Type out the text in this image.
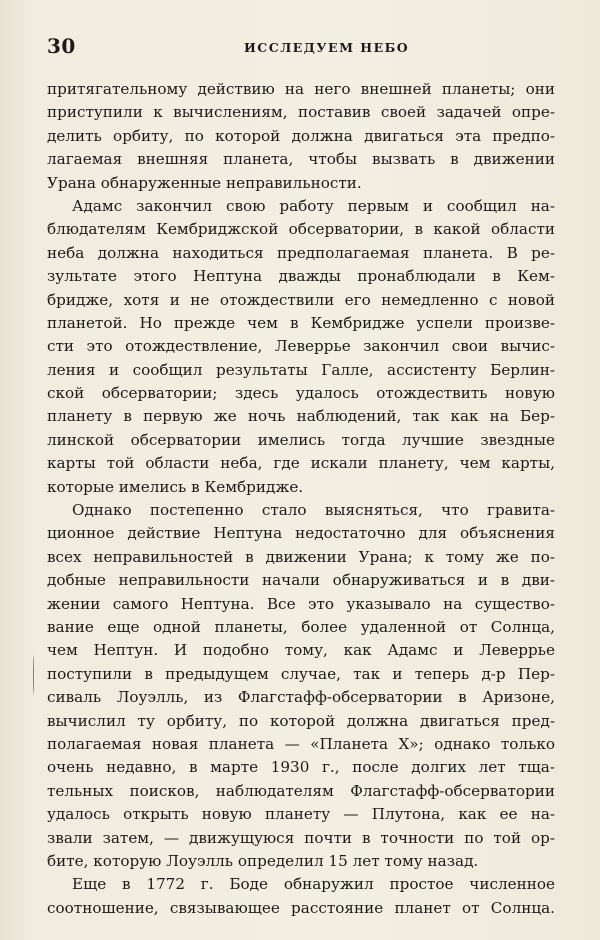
30	ИССЛЕДУЕМ НЕБО
притягательному действию на него внешней планеты; они
приступили к вычислениям, поставив своей задачей опре-
делить орбиту, по которой должна двигаться эта предпо-
лагаемая внешняя планета, чтобы вызвать в движении
Урана обнаруженные неправильности.
Адамс закончил свою работу первым и сообщил на-
блюдателям Кембриджской обсерватории, в какой области
неба должна находиться предполагаемая планета. В ре-
зультате этого Нептуна дважды пронаблюдали в Кем-
бридже, хотя и не отождествили его немедленно с новой
планетой. Но прежде чем в Кембридже успели произве-
сти это отождествление, Леверрье закончил свои вычис-
ления и сообщил результаты Галле, ассистенту Берлин-
ской обсерватории; здесь удалось отождествить новую
планету в первую же ночь наблюдений, так как на Бер-
линской обсерватории имелись тогда лучшие звездные
карты той области неба, где искали планету, чем карты,
которые имелись в Кембридже.
Однако постепенно стало выясняться, что гравита-
ционное действие Нептуна недостаточно для объяснения
всех неправильностей в движении Урана; к тому же по-
добные неправильности начали обнаруживаться и в дви-
жении самого Нептуна. Все это указывало на существо-
вание еще одной планеты, более удаленной от Солнца,
чем Нептун. И подобно тому, как Адамс и Леверрье
поступили в предыдущем случае, так и теперь д-р Пер-
сиваль Лоуэлль, из Флагстафф-обсерватории в Аризоне,
вычислил ту орбиту, по которой должна двигаться пред-
полагаемая новая планета — «Планета X»; однако только
очень недавно, в марте 1930 г., после долгих лет тща-
тельных поисков, наблюдателям Флагстафф-обсерватории
удалось открыть новую планету — Плутона, как ее на-
звали затем, — движущуюся почти в точности по той ор-
бите, которую Лоуэлль определил 15 лет тому назад.
Еще в 1772 г. Боде обнаружил простое численное
соотношение, связывающее расстояние планет от Солнца.
